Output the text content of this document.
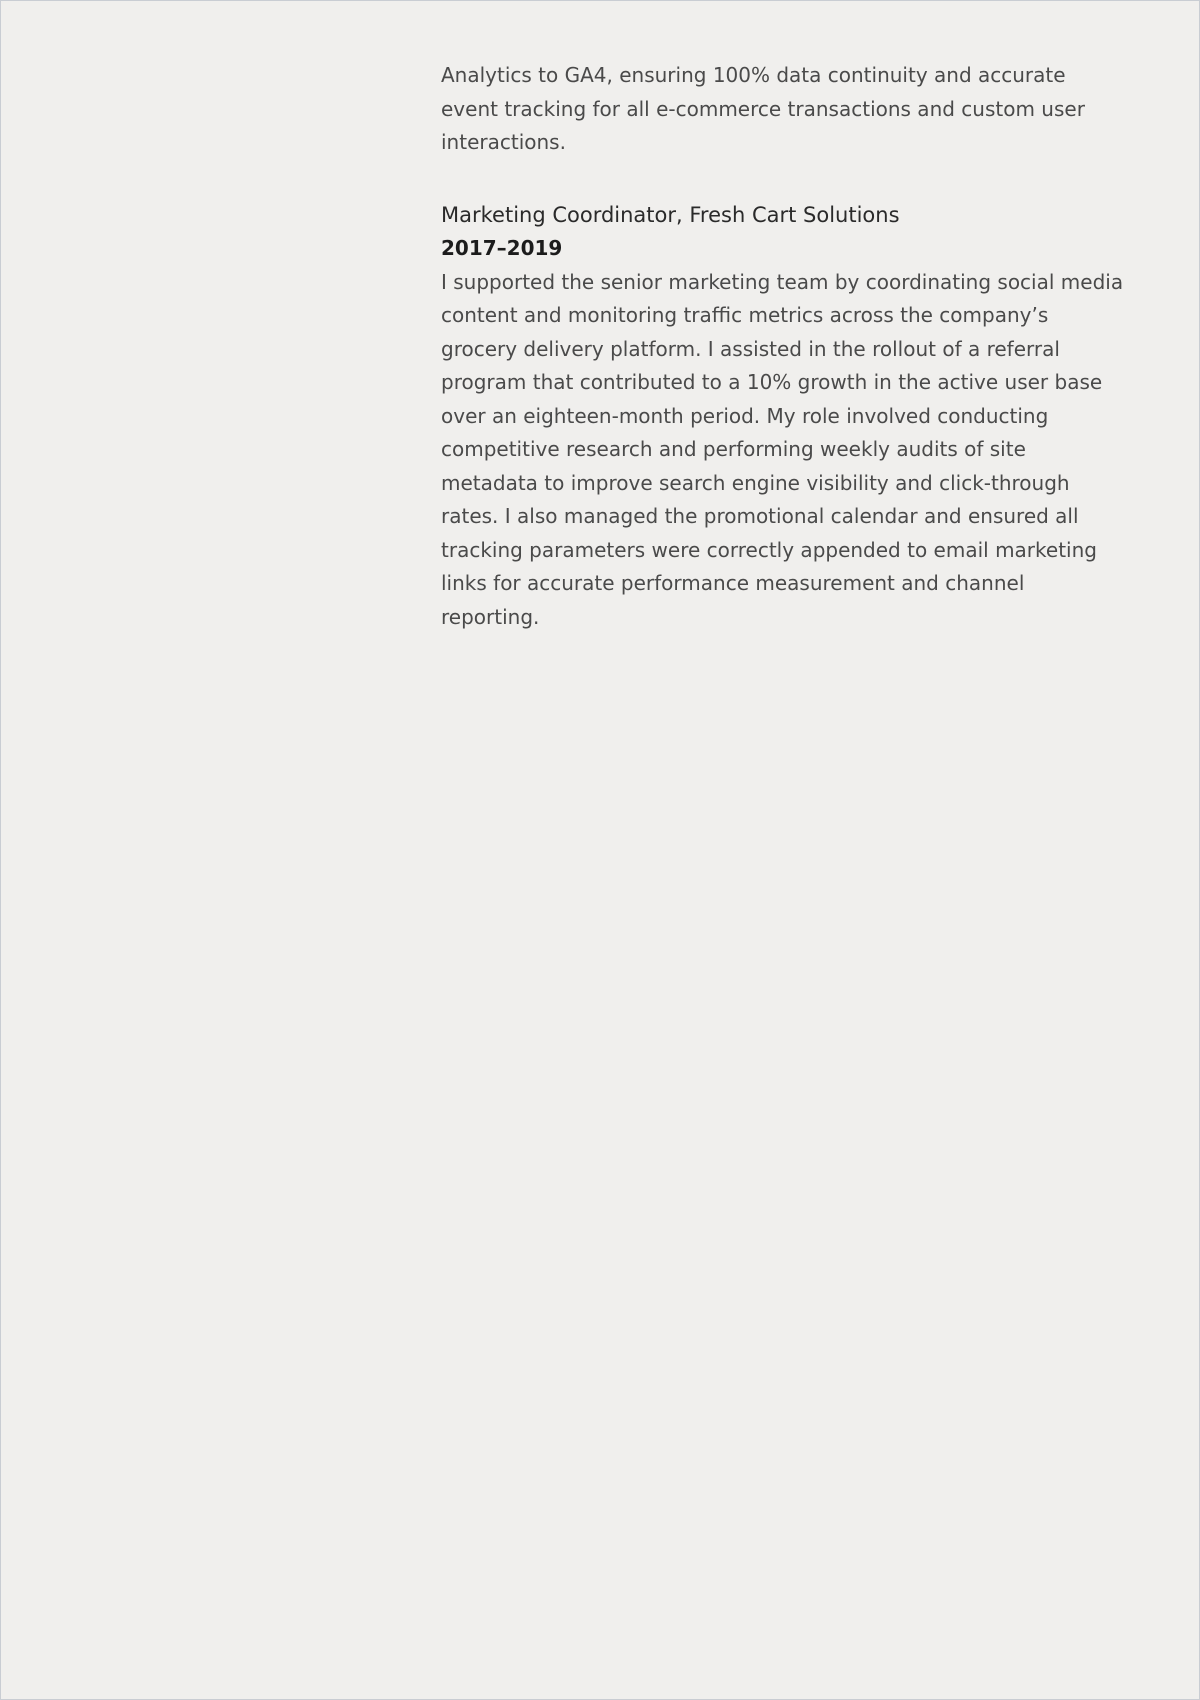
Analytics to GA4, ensuring 100% data continuity and accurate event tracking for all e-commerce transactions and custom user interactions.

Marketing Coordinator, Fresh Cart Solutions
2017–2019

I supported the senior marketing team by coordinating social media content and monitoring traffic metrics across the company’s grocery delivery platform. I assisted in the rollout of a referral program that contributed to a 10% growth in the active user base over an eighteen-month period. My role involved conducting competitive research and performing weekly audits of site metadata to improve search engine visibility and click-through rates. I also managed the promotional calendar and ensured all tracking parameters were correctly appended to email marketing links for accurate performance measurement and channel reporting.
